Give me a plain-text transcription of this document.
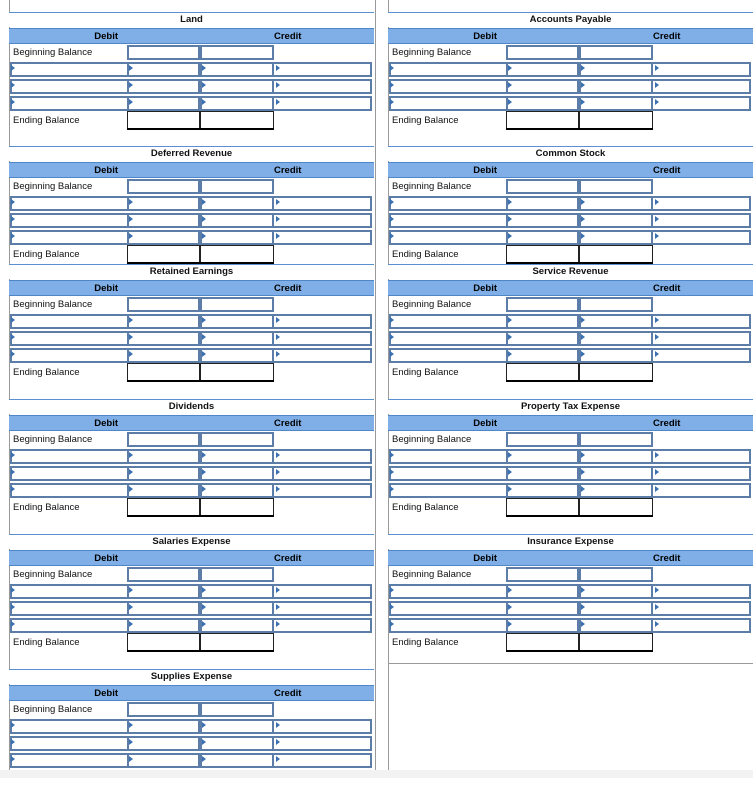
Land
Debit	Credit
Beginning Balance
Ending Balance
Accounts Payable
Debit	Credit
Beginning Balance
Ending Balance
Deferred Revenue
Debit	Credit
Beginning Balance
Ending Balance
Common Stock
Debit	Credit
Beginning Balance
Ending Balance
Retained Earnings
Debit	Credit
Beginning Balance
Ending Balance
Service Revenue
Debit	Credit
Beginning Balance
Ending Balance
Dividends
Debit	Credit
Beginning Balance
Ending Balance
Property Tax Expense
Debit	Credit
Beginning Balance
Ending Balance
Salaries Expense
Debit	Credit
Beginning Balance
Ending Balance
Insurance Expense
Debit	Credit
Beginning Balance
Ending Balance
Supplies Expense
Debit	Credit
Beginning Balance
